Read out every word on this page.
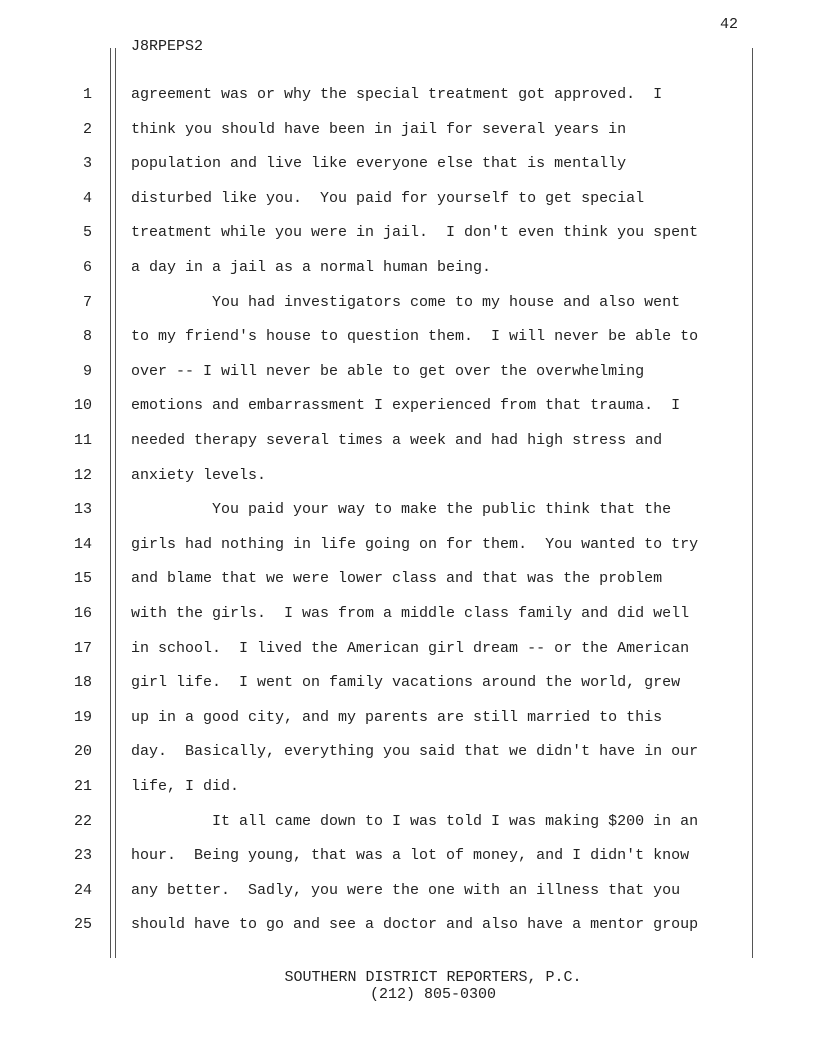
42
J8RPEPS2
1	agreement was or why the special treatment got approved.  I
2	think you should have been in jail for several years in
3	population and live like everyone else that is mentally
4	disturbed like you.  You paid for yourself to get special
5	treatment while you were in jail.  I don't even think you spent
6	a day in a jail as a normal human being.
7	You had investigators come to my house and also went
8	to my friend's house to question them.  I will never be able to
9	over -- I will never be able to get over the overwhelming
10	emotions and embarrassment I experienced from that trauma.  I
11	needed therapy several times a week and had high stress and
12	anxiety levels.
13	You paid your way to make the public think that the
14	girls had nothing in life going on for them.  You wanted to try
15	and blame that we were lower class and that was the problem
16	with the girls.  I was from a middle class family and did well
17	in school.  I lived the American girl dream -- or the American
18	girl life.  I went on family vacations around the world, grew
19	up in a good city, and my parents are still married to this
20	day.  Basically, everything you said that we didn't have in our
21	life, I did.
22	It all came down to I was told I was making $200 in an
23	hour.  Being young, that was a lot of money, and I didn't know
24	any better.  Sadly, you were the one with an illness that you
25	should have to go and see a doctor and also have a mentor group
SOUTHERN DISTRICT REPORTERS, P.C.
(212) 805-0300
